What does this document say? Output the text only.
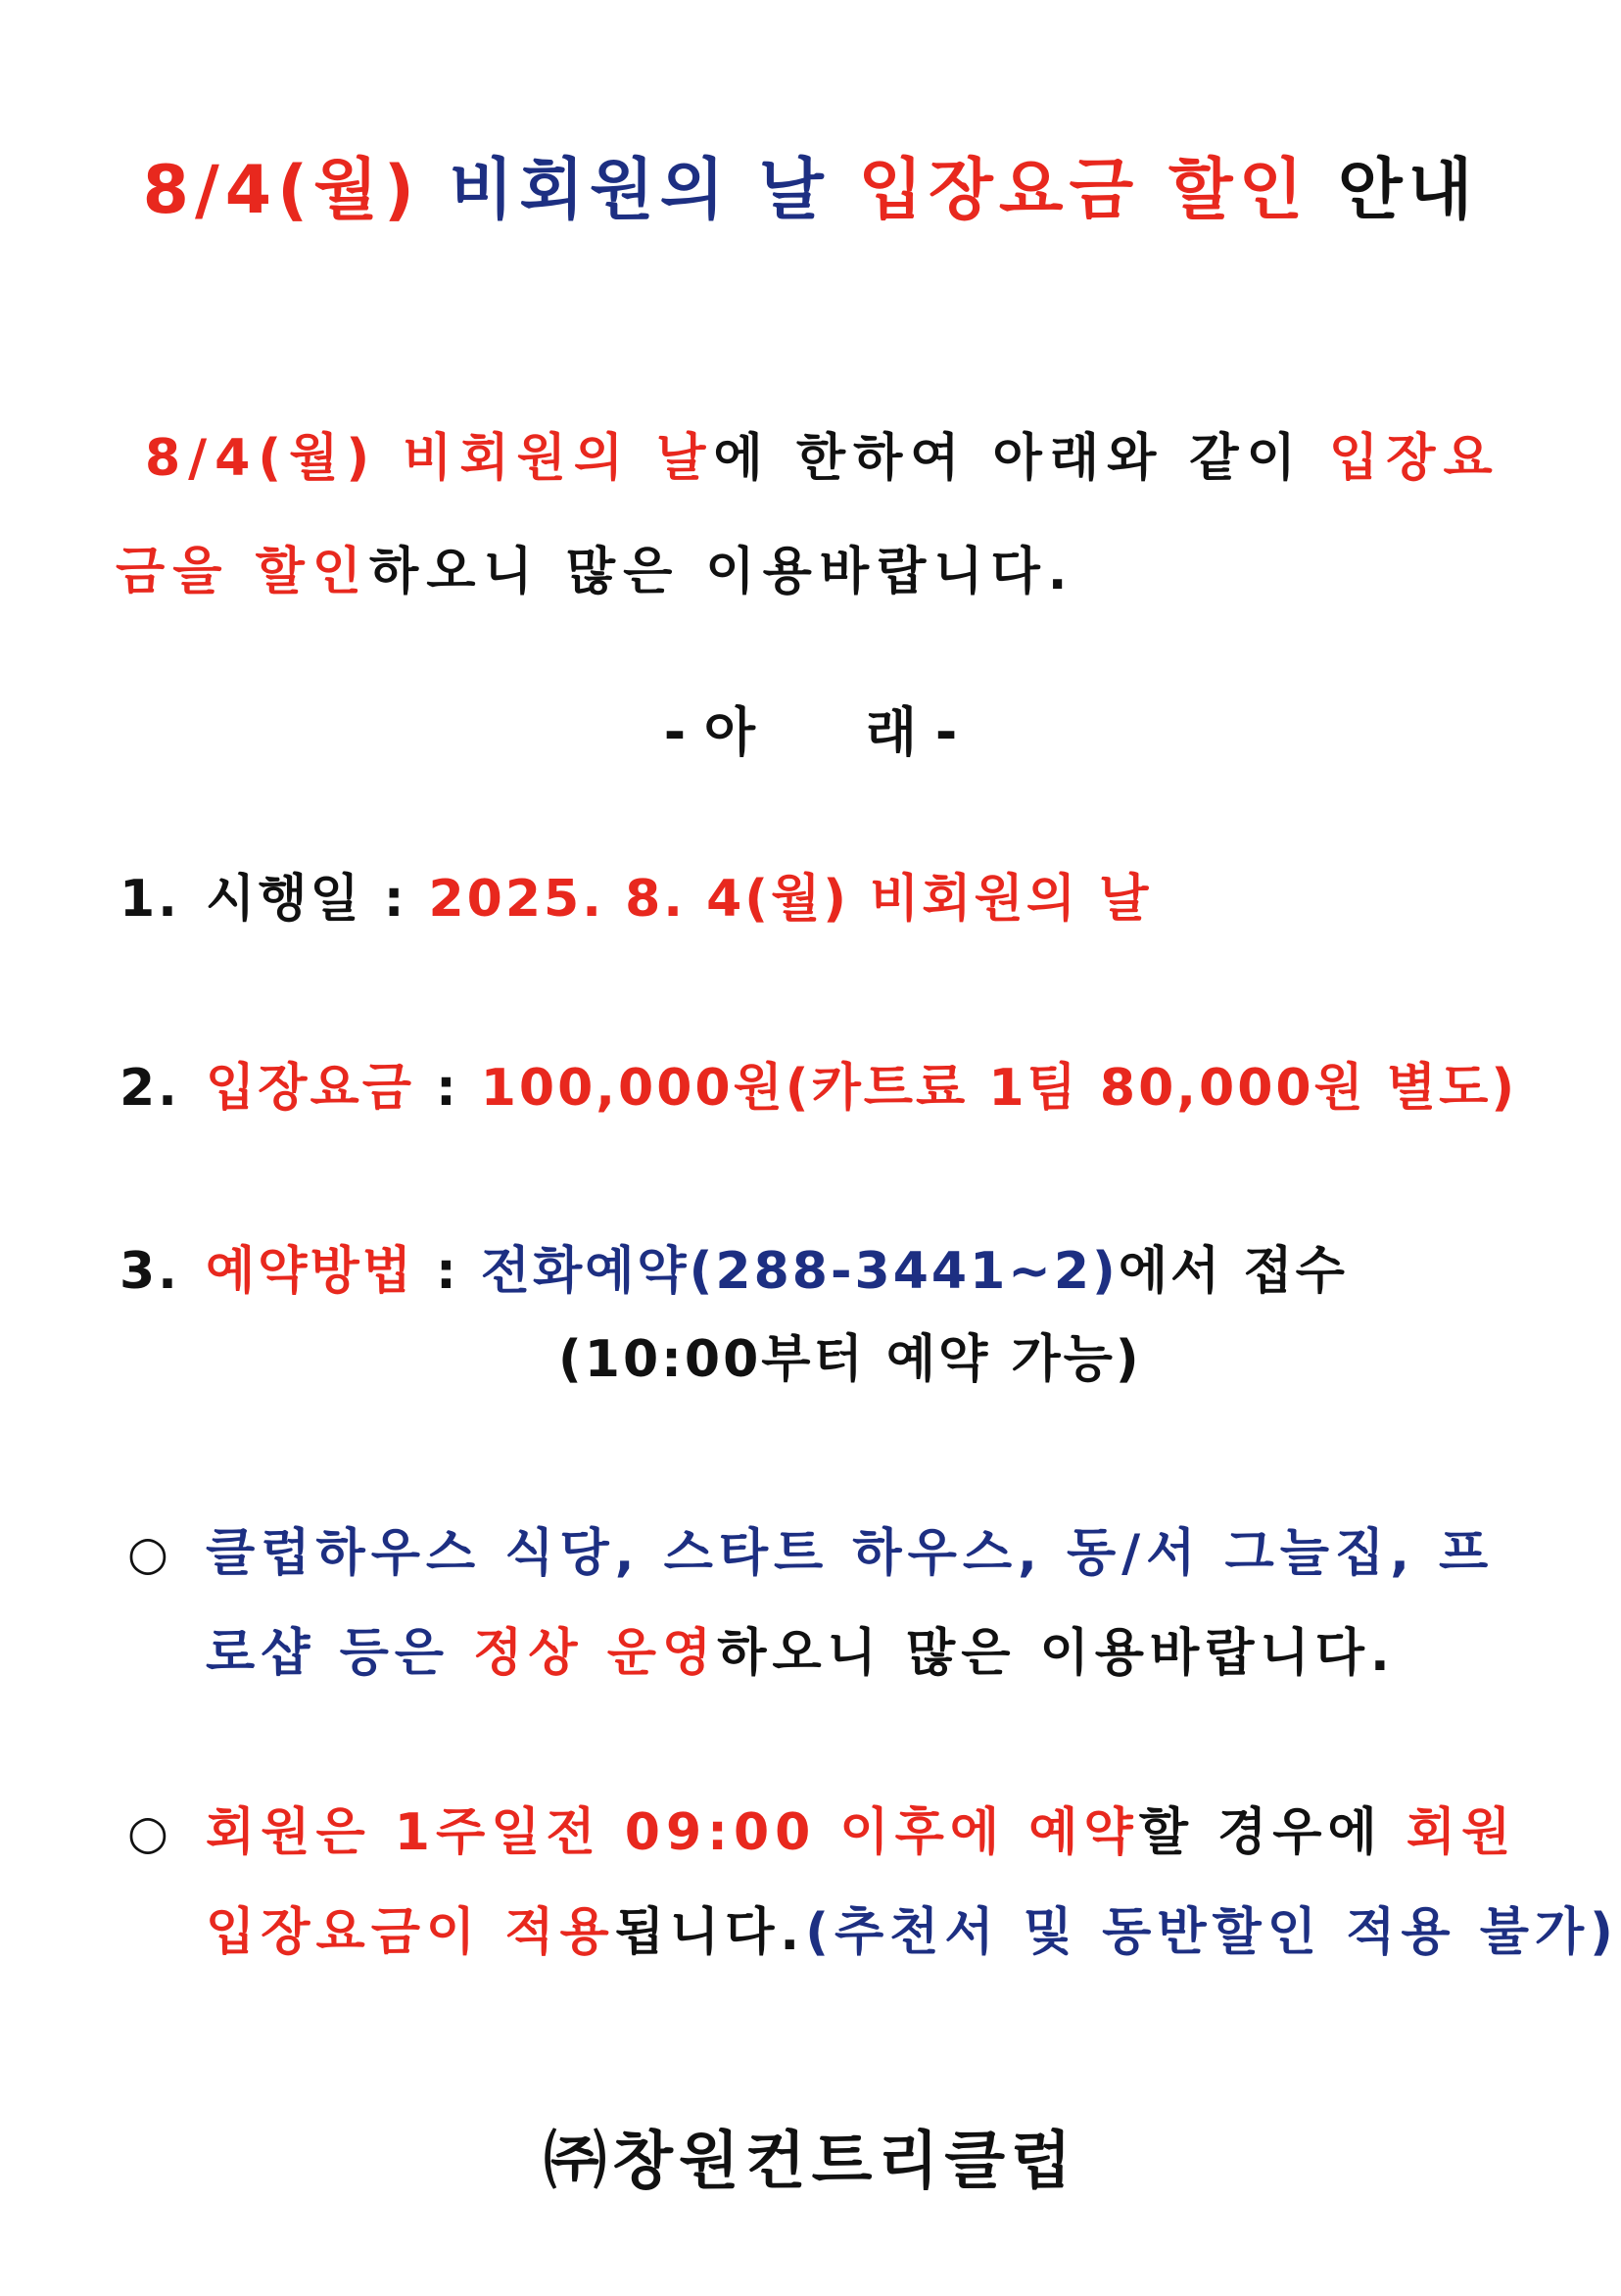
8/4(월) 비회원의 날 입장요금 할인 안내
8/4(월) 비회원의 날에 한하여 아래와 같이 입장요
금을 할인하오니 많은 이용바랍니다.
- 아      래 -
1. 시행일 : 2025. 8. 4(월) 비회원의 날
2. 입장요금 : 100,000원(카트료 1팀 80,000원 별도)
3. 예약방법 : 전화예약(288-3441~2)에서 접수
(10:00부터 예약 가능)
○ 클럽하우스 식당, 스타트 하우스, 동/서 그늘집, 프
로샵 등은 정상 운영하오니 많은 이용바랍니다.
○ 회원은 1주일전 09:00 이후에 예약할 경우에 회원
입장요금이 적용됩니다.(추천서 및 동반할인 적용 불가)
㈜창원컨트리클럽
